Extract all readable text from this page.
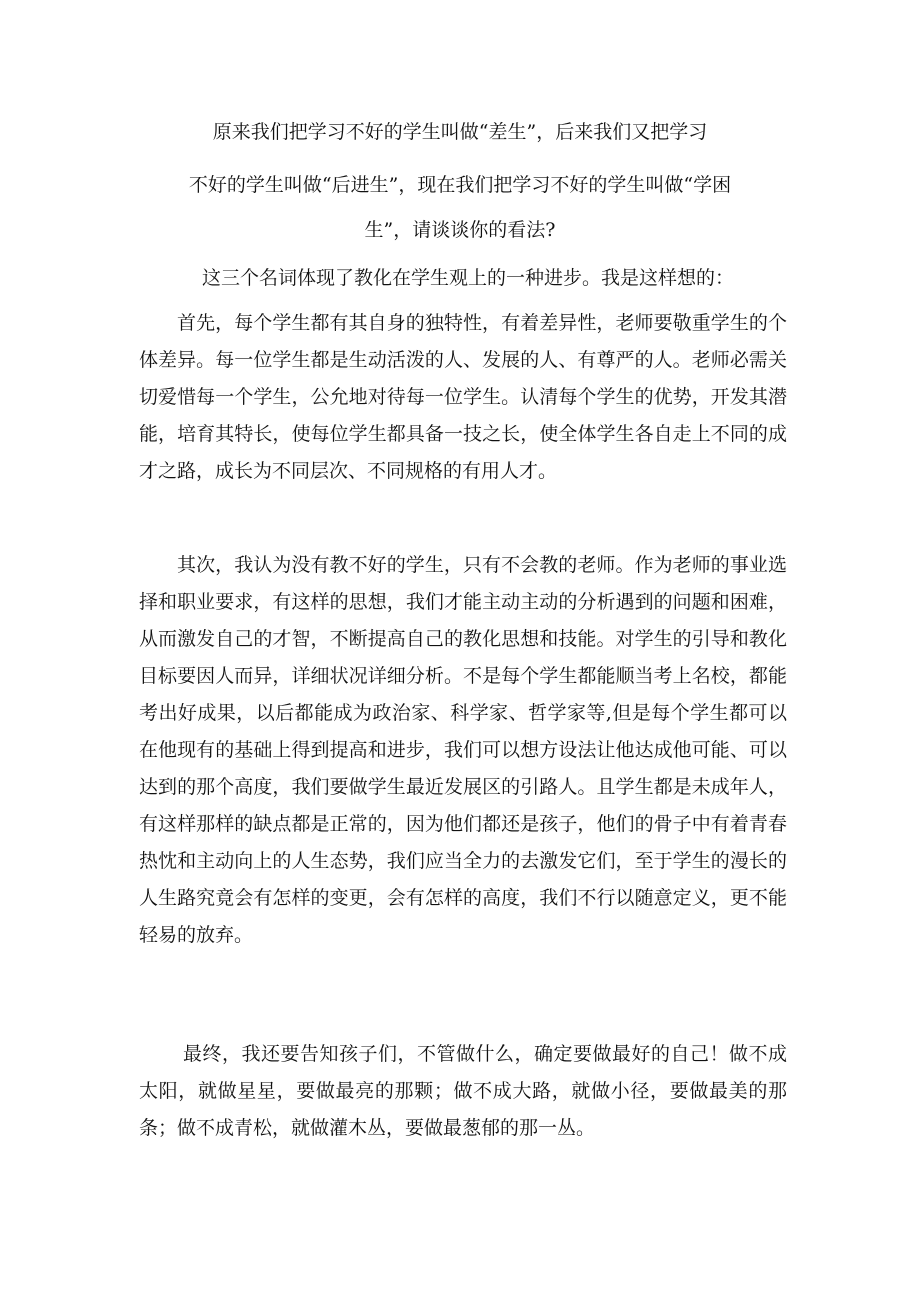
原来我们把学习不好的学生叫做“差生”，后来我们又把学习
不好的学生叫做“后进生”，现在我们把学习不好的学生叫做“学困
生”，请谈谈你的看法?

这三个名词体现了教化在学生观上的一种进步。我是这样想的：

首先，每个学生都有其自身的独特性，有着差异性，老师要敬重学生的个体差异。每一位学生都是生动活泼的人、发展的人、有尊严的人。老师必需关切爱惜每一个学生，公允地对待每一位学生。认清每个学生的优势，开发其潜能，培育其特长，使每位学生都具备一技之长，使全体学生各自走上不同的成才之路，成长为不同层次、不同规格的有用人才。

其次，我认为没有教不好的学生，只有不会教的老师。作为老师的事业选择和职业要求，有这样的思想，我们才能主动主动的分析遇到的问题和困难，从而激发自己的才智，不断提高自己的教化思想和技能。对学生的引导和教化目标要因人而异，详细状况详细分析。不是每个学生都能顺当考上名校，都能考出好成果，以后都能成为政治家、科学家、哲学家等,但是每个学生都可以在他现有的基础上得到提高和进步，我们可以想方设法让他达成他可能、可以达到的那个高度，我们要做学生最近发展区的引路人。且学生都是未成年人，有这样那样的缺点都是正常的，因为他们都还是孩子，他们的骨子中有着青春热忱和主动向上的人生态势，我们应当全力的去激发它们，至于学生的漫长的人生路究竟会有怎样的变更，会有怎样的高度，我们不行以随意定义，更不能轻易的放弃。

最终，我还要告知孩子们，不管做什么，确定要做最好的自己！做不成太阳，就做星星，要做最亮的那颗；做不成大路，就做小径，要做最美的那条；做不成青松，就做灌木丛，要做最葱郁的那一丛。
